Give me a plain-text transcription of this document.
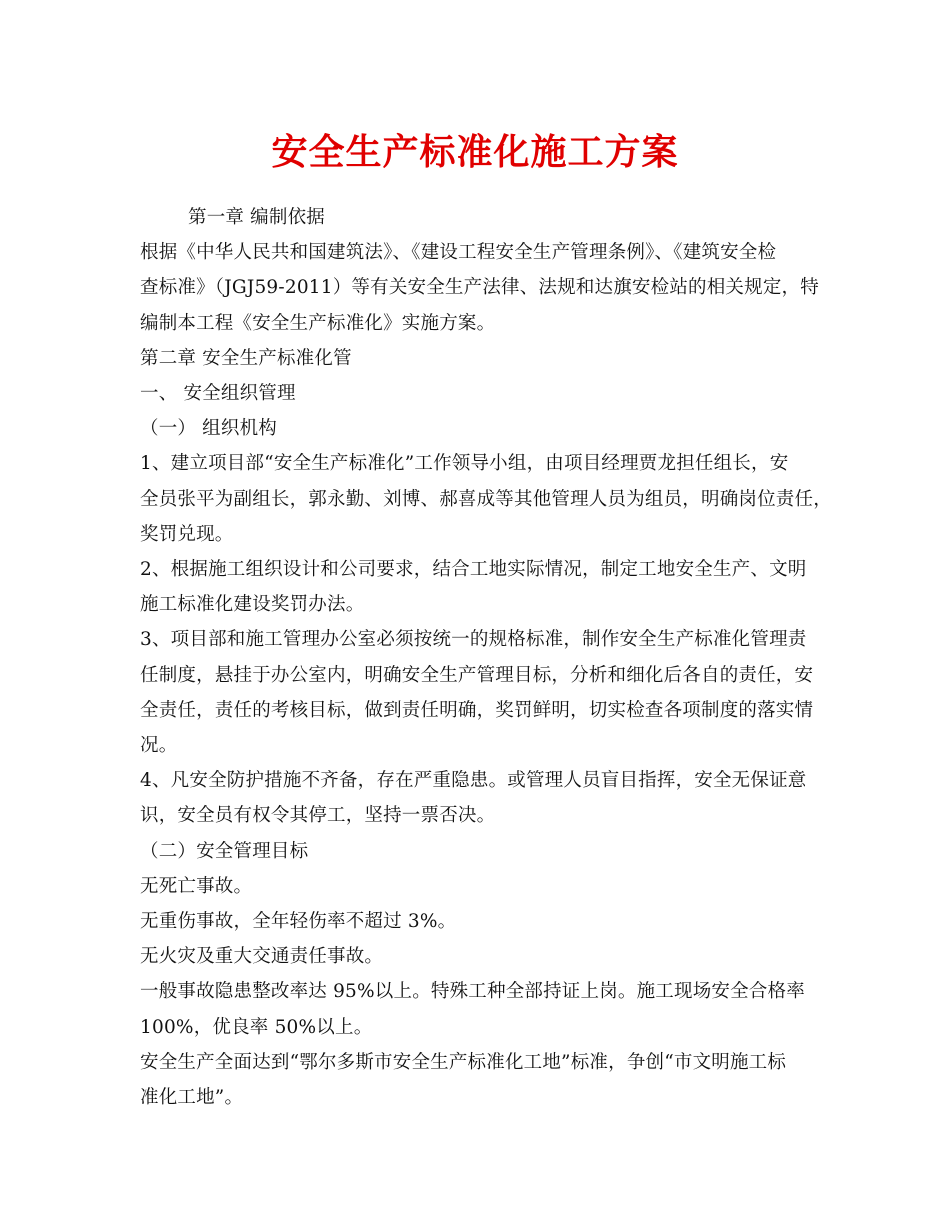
安全生产标准化施工方案
第一章 编制依据
根据《中华人民共和国建筑法》、《建设工程安全生产管理条例》、《建筑安全检
查标准》（JGJ59-2011）等有关安全生产法律、法规和达旗安检站的相关规定，特
编制本工程《安全生产标准化》实施方案。
第二章 安全生产标准化管
一、 安全组织管理
（一） 组织机构
1、建立项目部“安全生产标准化”工作领导小组，由项目经理贾龙担任组长，安
全员张平为副组长，郭永勤、刘博、郝喜成等其他管理人员为组员，明确岗位责任，
奖罚兑现。
2、根据施工组织设计和公司要求，结合工地实际情况，制定工地安全生产、文明
施工标准化建设奖罚办法。
3、项目部和施工管理办公室必须按统一的规格标准，制作安全生产标准化管理责
任制度，悬挂于办公室内，明确安全生产管理目标，分析和细化后各自的责任，安
全责任，责任的考核目标，做到责任明确，奖罚鲜明，切实检查各项制度的落实情
况。
4、凡安全防护措施不齐备，存在严重隐患。或管理人员盲目指挥，安全无保证意
识，安全员有权令其停工，坚持一票否决。
（二）安全管理目标
无死亡事故。
无重伤事故，全年轻伤率不超过 3%。
无火灾及重大交通责任事故。
一般事故隐患整改率达 95%以上。特殊工种全部持证上岗。施工现场安全合格率
100%，优良率 50%以上。
安全生产全面达到“鄂尔多斯市安全生产标准化工地”标准，争创“市文明施工标
准化工地”。
